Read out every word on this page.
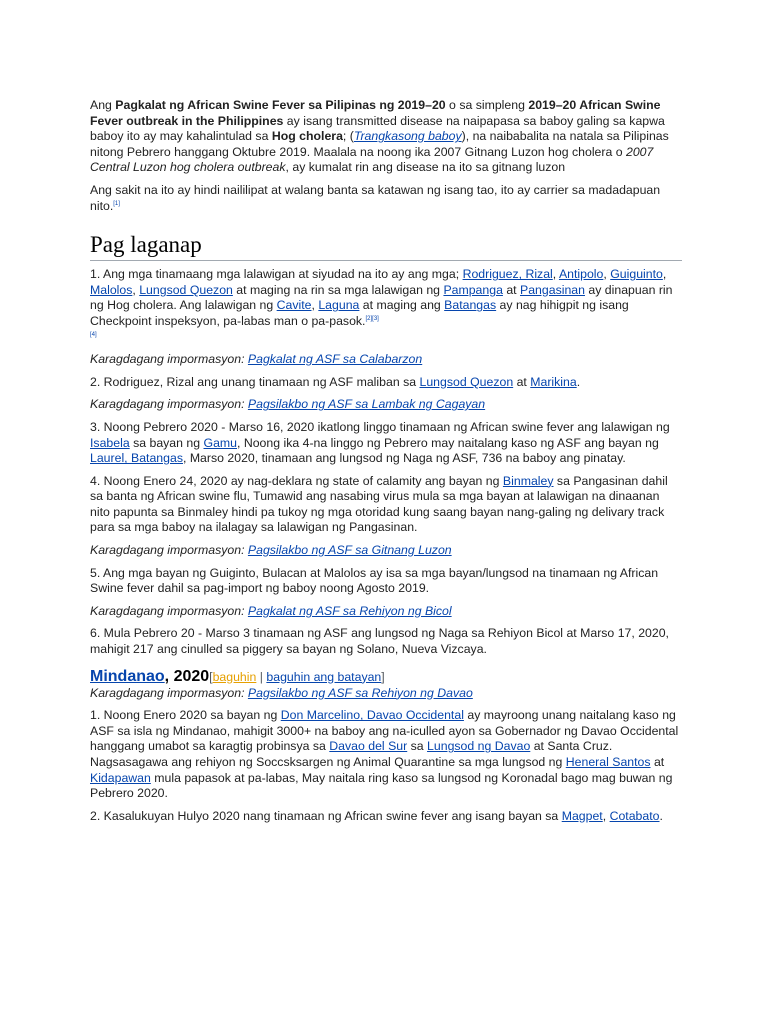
Ang Pagkalat ng African Swine Fever sa Pilipinas ng 2019–20 o sa simpleng 2019–20 African Swine Fever outbreak in the Philippines ay isang transmitted disease na naipapasa sa baboy galing sa kapwa baboy ito ay may kahalintulad sa Hog cholera; (Trangkasong baboy), na naibabalita na natala sa Pilipinas nitong Pebrero hanggang Oktubre 2019. Maalala na noong ika 2007 Gitnang Luzon hog cholera o 2007 Central Luzon hog cholera outbreak, ay kumalat rin ang disease na ito sa gitnang luzon

Ang sakit na ito ay hindi naililipat at walang banta sa katawan ng isang tao, ito ay carrier sa madadapuan nito.[1]

Pag laganap

1. Ang mga tinamaang mga lalawigan at siyudad na ito ay ang mga; Rodriguez, Rizal, Antipolo, Guiguinto, Malolos, Lungsod Quezon at maging na rin sa mga lalawigan ng Pampanga at Pangasinan ay dinapuan rin ng Hog cholera. Ang lalawigan ng Cavite, Laguna at maging ang Batangas ay nag hihigpit ng isang Checkpoint inspeksyon, pa-labas man o pa-pasok.[2][3]
[4]

Karagdagang impormasyon: Pagkalat ng ASF sa Calabarzon

2. Rodriguez, Rizal ang unang tinamaan ng ASF maliban sa Lungsod Quezon at Marikina.

Karagdagang impormasyon: Pagsilakbo ng ASF sa Lambak ng Cagayan

3. Noong Pebrero 2020 - Marso 16, 2020 ikatlong linggo tinamaan ng African swine fever ang lalawigan ng Isabela sa bayan ng Gamu, Noong ika 4-na linggo ng Pebrero may naitalang kaso ng ASF ang bayan ng Laurel, Batangas, Marso 2020, tinamaan ang lungsod ng Naga ng ASF, 736 na baboy ang pinatay.

4. Noong Enero 24, 2020 ay nag-deklara ng state of calamity ang bayan ng Binmaley sa Pangasinan dahil sa banta ng African swine flu, Tumawid ang nasabing virus mula sa mga bayan at lalawigan na dinaanan nito papunta sa Binmaley hindi pa tukoy ng mga otoridad kung saang bayan nang-galing ng delivary track para sa mga baboy na ilalagay sa lalawigan ng Pangasinan.

Karagdagang impormasyon: Pagsilakbo ng ASF sa Gitnang Luzon

5. Ang mga bayan ng Guiginto, Bulacan at Malolos ay isa sa mga bayan/lungsod na tinamaan ng African Swine fever dahil sa pag-import ng baboy noong Agosto 2019.

Karagdagang impormasyon: Pagkalat ng ASF sa Rehiyon ng Bicol

6. Mula Pebrero 20 - Marso 3 tinamaan ng ASF ang lungsod ng Naga sa Rehiyon Bicol at Marso 17, 2020, mahigit 217 ang cinulled sa piggery sa bayan ng Solano, Nueva Vizcaya.

Mindanao, 2020[baguhin | baguhin ang batayan]

Karagdagang impormasyon: Pagsilakbo ng ASF sa Rehiyon ng Davao

1. Noong Enero 2020 sa bayan ng Don Marcelino, Davao Occidental ay mayroong unang naitalang kaso ng ASF sa isla ng Mindanao, mahigit 3000+ na baboy ang na-iculled ayon sa Gobernador ng Davao Occidental hanggang umabot sa karagtig probinsya sa Davao del Sur sa Lungsod ng Davao at Santa Cruz. Nagsasagawa ang rehiyon ng Soccsksargen ng Animal Quarantine sa mga lungsod ng Heneral Santos at Kidapawan mula papasok at pa-labas, May naitala ring kaso sa lungsod ng Koronadal bago mag buwan ng Pebrero 2020.

2. Kasalukuyan Hulyo 2020 nang tinamaan ng African swine fever ang isang bayan sa Magpet, Cotabato.
